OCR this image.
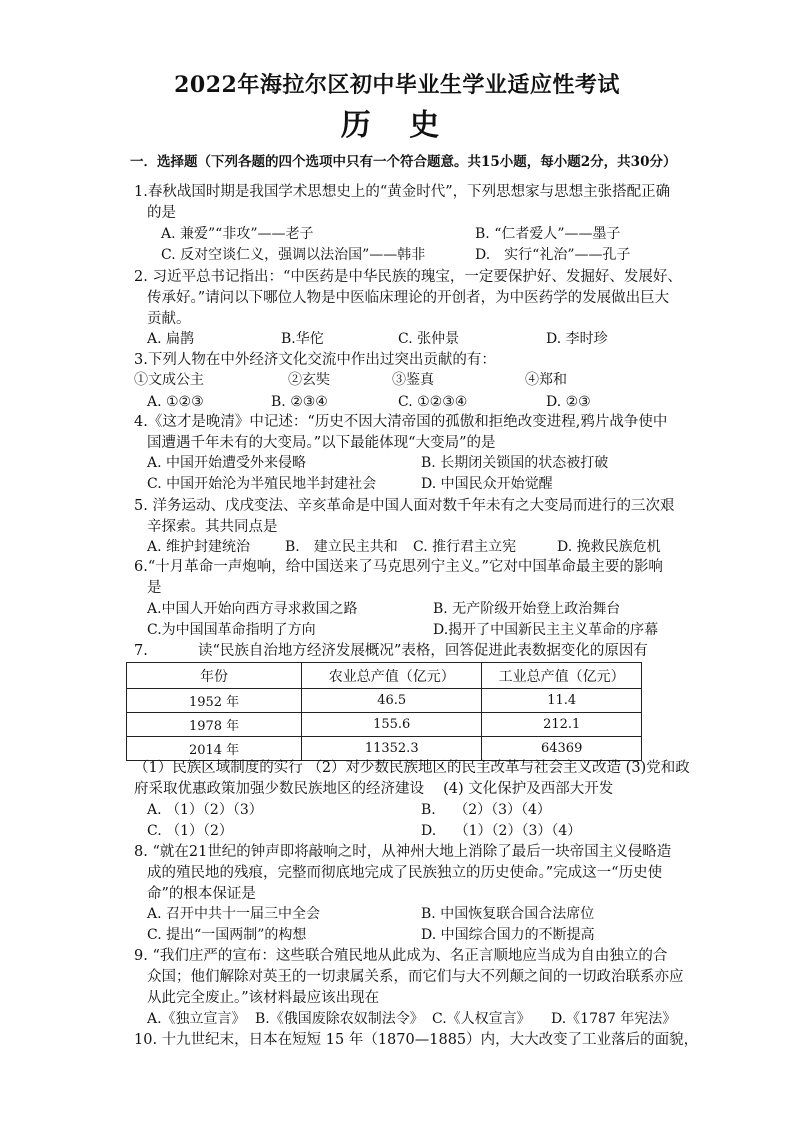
2022年海拉尔区初中毕业生学业适应性考试
历 史
一．选择题（下列各题的四个选项中只有一个符合题意。共15小题，每小题2分，共30分）
1.春秋战国时期是我国学术思想史上的“黄金时代”，下列思想家与思想主张搭配正确
的是
A. 兼爱”“非攻”——老子	B. “仁者爱人”——墨子
C. 反对空谈仁义，强调以法治国”——韩非	D.　实行“礼治”——孔子
2. 习近平总书记指出：“中医药是中华民族的瑰宝，一定要保护好、发掘好、发展好、
传承好。”请问以下哪位人物是中医临床理论的开创者，为中医药学的发展做出巨大
贡献。
A. 扁鹊	B.华佗	C. 张仲景	D. 李时珍
3.下列人物在中外经济文化交流中作出过突出贡献的有：
①文成公主	②玄奘	③鉴真	④郑和
A. ①②③	B. ②③④	C. ①②③④	D. ②③
4.《这才是晚清》中记述：“历史不因大清帝国的孤傲和拒绝改变进程,鸦片战争使中
国遭遇千年未有的大变局。”以下最能体现“大变局”的是
A. 中国开始遭受外来侵略	B. 长期闭关锁国的状态被打破
C. 中国开始沦为半殖民地半封建社会	D. 中国民众开始觉醒
5. 洋务运动、戊戌变法、辛亥革命是中国人面对数千年未有之大变局而进行的三次艰
辛探索。其共同点是
A. 维护封建统治 B.　建立民主共和 C. 推行君主立宪	D. 挽救民族危机
6.“十月革命一声炮响，给中国送来了马克思列宁主义。”它对中国革命最主要的影响
是
A.中国人开始向西方寻求救国之路	B. 无产阶级开始登上政治舞台
C.为中国国革命指明了方向	D.揭开了中国新民主主义革命的序幕
7.	读“民族自治地方经济发展概况”表格，回答促进此表数据变化的原因有
年份	农业总产值（亿元）	工业总产值（亿元）
1952 年	46.5	11.4
1978 年	155.6	212.1
2014 年	11352.3	64369
（1）民族区域制度的实行 （2）对少数民族地区的民主改革与社会主义改造 (3)党和政
府采取优惠政策加强少数民族地区的经济建设　 (4) 文化保护及西部大开发
A. （1）（2）（3）	B.　 （2）（3）（4）
C. （1）（2）	D.　 （1）（2）（3）（4）
8. “就在21世纪的钟声即将敲响之时，从神州大地上消除了最后一块帝国主义侵略造
成的殖民地的残痕，完整而彻底地完成了民族独立的历史使命。”完成这一“历史使
命”的根本保证是
A. 召开中共十一届三中全会	B. 中国恢复联合国合法席位
C. 提出“一国两制”的构想	D. 中国综合国力的不断提高
9. “我们庄严的宣布：这些联合殖民地从此成为、名正言顺地应当成为自由独立的合
众国；他们解除对英王的一切隶属关系，而它们与大不列颠之间的一切政治联系亦应
从此完全废止。”该材料最应该出现在
A.《独立宣言》 B.《俄国废除农奴制法令》 C.《人权宣言》 D.《1787 年宪法》
10. 十九世纪末，日本在短短 15 年（1870—1885）内，大大改变了工业落后的面貌，
